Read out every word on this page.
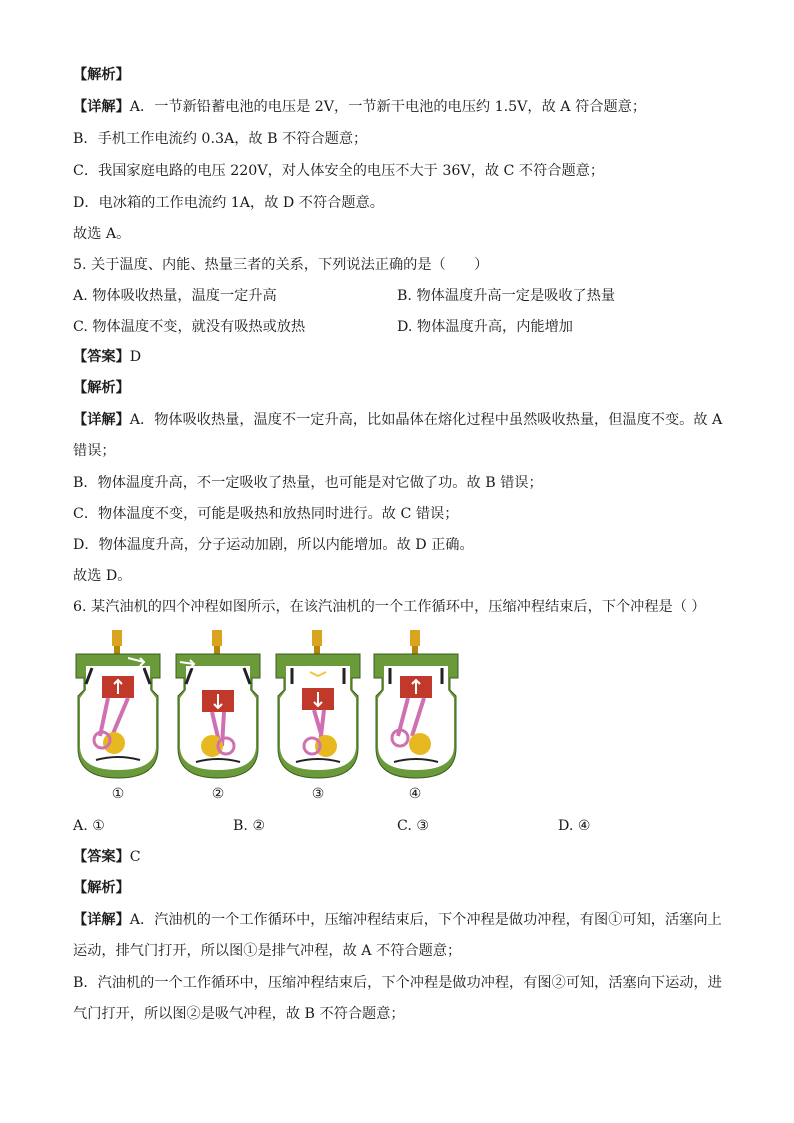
【解析】
【详解】A．一节新铅蓄电池的电压是 2V，一节新干电池的电压约 1.5V，故 A 符合题意；
B．手机工作电流约 0.3A，故 B 不符合题意；
C．我国家庭电路的电压 220V，对人体安全的电压不大于 36V，故 C 不符合题意；
D．电冰箱的工作电流约 1A，故 D 不符合题意。
故选 A。
5. 关于温度、内能、热量三者的关系，下列说法正确的是（　　）
A. 物体吸收热量，温度一定升高	B. 物体温度升高一定是吸收了热量
C. 物体温度不变，就没有吸热或放热	D. 物体温度升高，内能增加
【答案】D
【解析】
【详解】A．物体吸收热量，温度不一定升高，比如晶体在熔化过程中虽然吸收热量，但温度不变。故 A
错误；
B．物体温度升高，不一定吸收了热量，也可能是对它做了功。故 B 错误；
C．物体温度不变，可能是吸热和放热同时进行。故 C 错误；
D．物体温度升高，分子运动加剧，所以内能增加。故 D 正确。
故选 D。
6. 某汽油机的四个冲程如图所示，在该汽油机的一个工作循环中，压缩冲程结束后，下个冲程是（ ）
①	②	③	④
A. ①	B. ②	C. ③	D. ④
【答案】C
【解析】
【详解】A．汽油机的一个工作循环中，压缩冲程结束后，下个冲程是做功冲程，有图①可知，活塞向上
运动，排气门打开，所以图①是排气冲程，故 A 不符合题意；
B．汽油机的一个工作循环中，压缩冲程结束后，下个冲程是做功冲程，有图②可知，活塞向下运动，进
气门打开，所以图②是吸气冲程，故 B 不符合题意；
